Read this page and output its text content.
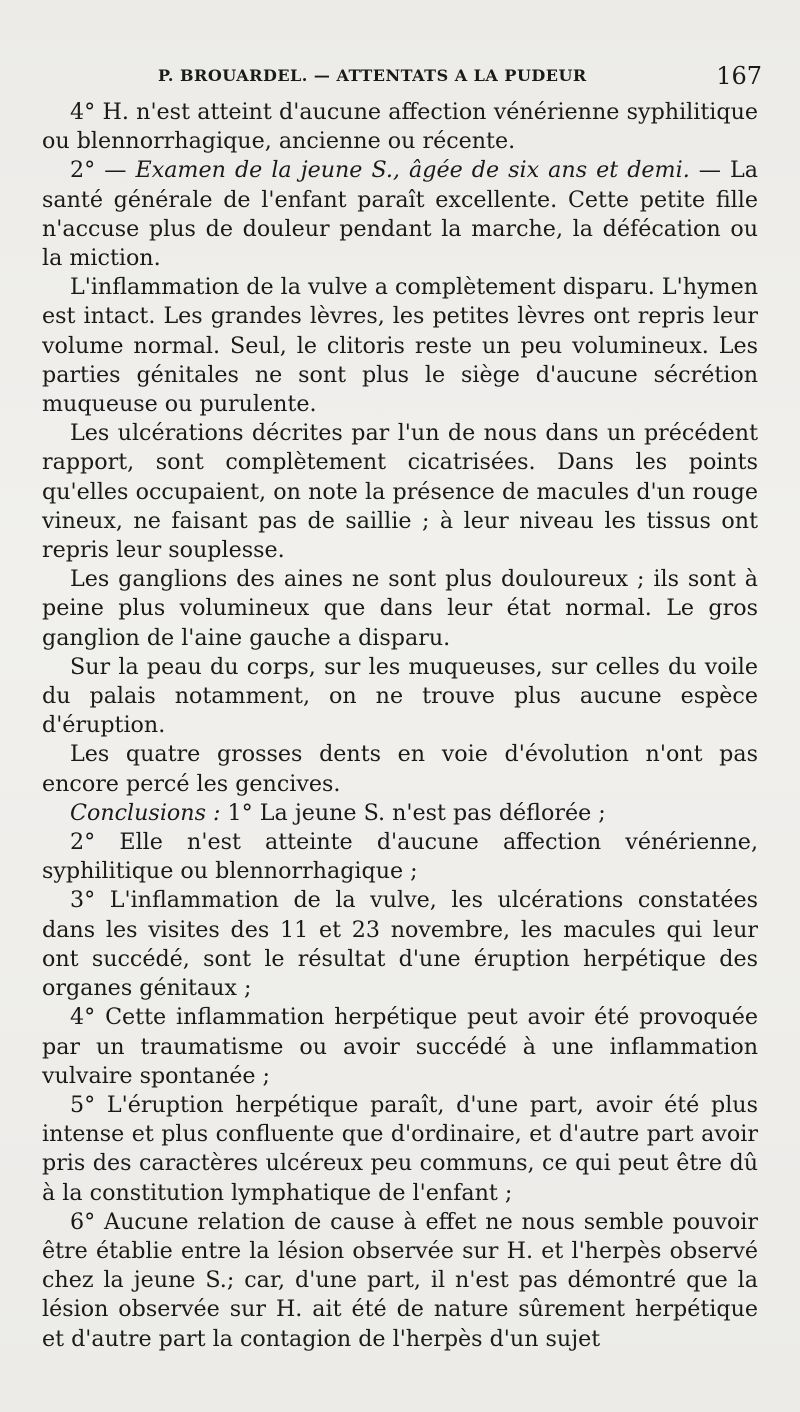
P. BROUARDEL. — ATTENTATS A LA PUDEUR	167

4° H. n'est atteint d'aucune affection vénérienne syphilitique ou blennorrhagique, ancienne ou récente.

2° — Examen de la jeune S., âgée de six ans et demi. — La santé générale de l'enfant paraît excellente. Cette petite fille n'accuse plus de douleur pendant la marche, la défécation ou la miction.

L'inflammation de la vulve a complètement disparu. L'hymen est intact. Les grandes lèvres, les petites lèvres ont repris leur volume normal. Seul, le clitoris reste un peu volumineux. Les parties génitales ne sont plus le siège d'aucune sécrétion muqueuse ou purulente.

Les ulcérations décrites par l'un de nous dans un précédent rapport, sont complètement cicatrisées. Dans les points qu'elles occupaient, on note la présence de macules d'un rouge vineux, ne faisant pas de saillie ; à leur niveau les tissus ont repris leur souplesse.

Les ganglions des aines ne sont plus douloureux ; ils sont à peine plus volumineux que dans leur état normal. Le gros ganglion de l'aine gauche a disparu.

Sur la peau du corps, sur les muqueuses, sur celles du voile du palais notamment, on ne trouve plus aucune espèce d'éruption.

Les quatre grosses dents en voie d'évolution n'ont pas encore percé les gencives.

Conclusions : 1° La jeune S. n'est pas déflorée ;

2° Elle n'est atteinte d'aucune affection vénérienne, syphilitique ou blennorrhagique ;

3° L'inflammation de la vulve, les ulcérations constatées dans les visites des 11 et 23 novembre, les macules qui leur ont succédé, sont le résultat d'une éruption herpétique des organes génitaux ;

4° Cette inflammation herpétique peut avoir été provoquée par un traumatisme ou avoir succédé à une inflammation vulvaire spontanée ;

5° L'éruption herpétique paraît, d'une part, avoir été plus intense et plus confluente que d'ordinaire, et d'autre part avoir pris des caractères ulcéreux peu communs, ce qui peut être dû à la constitution lymphatique de l'enfant ;

6° Aucune relation de cause à effet ne nous semble pouvoir être établie entre la lésion observée sur H. et l'herpès observé chez la jeune S.; car, d'une part, il n'est pas démontré que la lésion observée sur H. ait été de nature sûrement herpétique et d'autre part la contagion de l'herpès d'un sujet
